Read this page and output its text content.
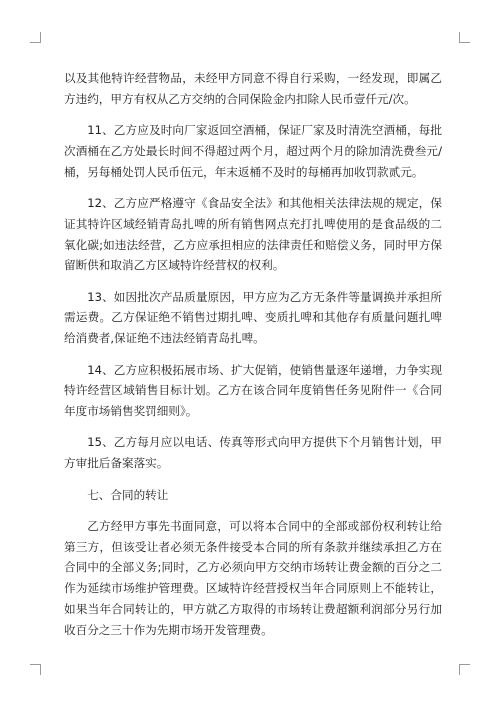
以及其他特许经营物品，未经甲方同意不得自行采购，一经发现，即属乙方违约，甲方有权从乙方交纳的合同保险金内扣除人民币壹仟元/次。

11、乙方应及时向厂家返回空酒桶，保证厂家及时清洗空酒桶，每批次酒桶在乙方处最长时间不得超过两个月，超过两个月的除加清洗费叁元/桶，另每桶处罚人民币伍元，年末返桶不及时的每桶再加收罚款贰元。

12、乙方应严格遵守《食品安全法》和其他相关法律法规的规定，保证其特许区域经销青岛扎啤的所有销售网点充打扎啤使用的是食品级的二氧化碳;如违法经营，乙方应承担相应的法律责任和赔偿义务，同时甲方保留断供和取消乙方区域特许经营权的权利。

13、如因批次产品质量原因，甲方应为乙方无条件等量调换并承担所需运费。乙方保证绝不销售过期扎啤、变质扎啤和其他存有质量问题扎啤给消费者,保证绝不违法经销青岛扎啤。

14、乙方应积极拓展市场、扩大促销，使销售量逐年递增，力争实现特许经营区域销售目标计划。乙方在该合同年度销售任务见附件一《合同年度市场销售奖罚细则》。

15、乙方每月应以电话、传真等形式向甲方提供下个月销售计划，甲方审批后备案落实。

七、合同的转让

乙方经甲方事先书面同意，可以将本合同中的全部或部份权利转让给第三方，但该受让者必须无条件接受本合同的所有条款并继续承担乙方在合同中的全部义务;同时，乙方必须向甲方交纳市场转让费金额的百分之二作为延续市场维护管理费。区域特许经营授权当年合同原则上不能转让，如果当年合同转让的，甲方就乙方取得的市场转让费超额利润部分另行加收百分之三十作为先期市场开发管理费。
